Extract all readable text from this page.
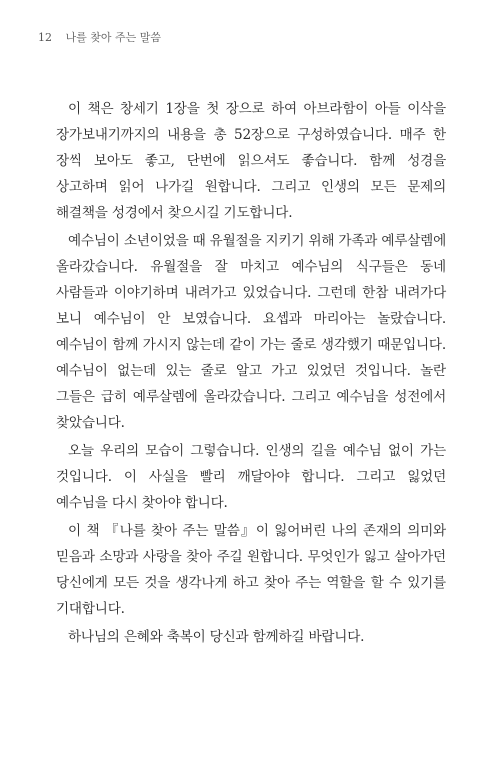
12 나를 찾아 주는 말씀

이 책은 창세기 1장을 첫 장으로 하여 아브라함이 아들 이삭을 장가보내기까지의 내용을 총 52장으로 구성하였습니다. 매주 한 장씩 보아도 좋고, 단번에 읽으셔도 좋습니다. 함께 성경을 상고하며 읽어 나가길 원합니다. 그리고 인생의 모든 문제의 해결책을 성경에서 찾으시길 기도합니다.

예수님이 소년이었을 때 유월절을 지키기 위해 가족과 예루살렘에 올라갔습니다. 유월절을 잘 마치고 예수님의 식구들은 동네 사람들과 이야기하며 내려가고 있었습니다. 그런데 한참 내려가다 보니 예수님이 안 보였습니다. 요셉과 마리아는 놀랐습니다. 예수님이 함께 가시지 않는데 같이 가는 줄로 생각했기 때문입니다. 예수님이 없는데 있는 줄로 알고 가고 있었던 것입니다. 놀란 그들은 급히 예루살렘에 올라갔습니다. 그리고 예수님을 성전에서 찾았습니다.

오늘 우리의 모습이 그렇습니다. 인생의 길을 예수님 없이 가는 것입니다. 이 사실을 빨리 깨달아야 합니다. 그리고 잃었던 예수님을 다시 찾아야 합니다.

이 책 『나를 찾아 주는 말씀』이 잃어버린 나의 존재의 의미와 믿음과 소망과 사랑을 찾아 주길 원합니다. 무엇인가 잃고 살아가던 당신에게 모든 것을 생각나게 하고 찾아 주는 역할을 할 수 있기를 기대합니다.

하나님의 은혜와 축복이 당신과 함께하길 바랍니다.
